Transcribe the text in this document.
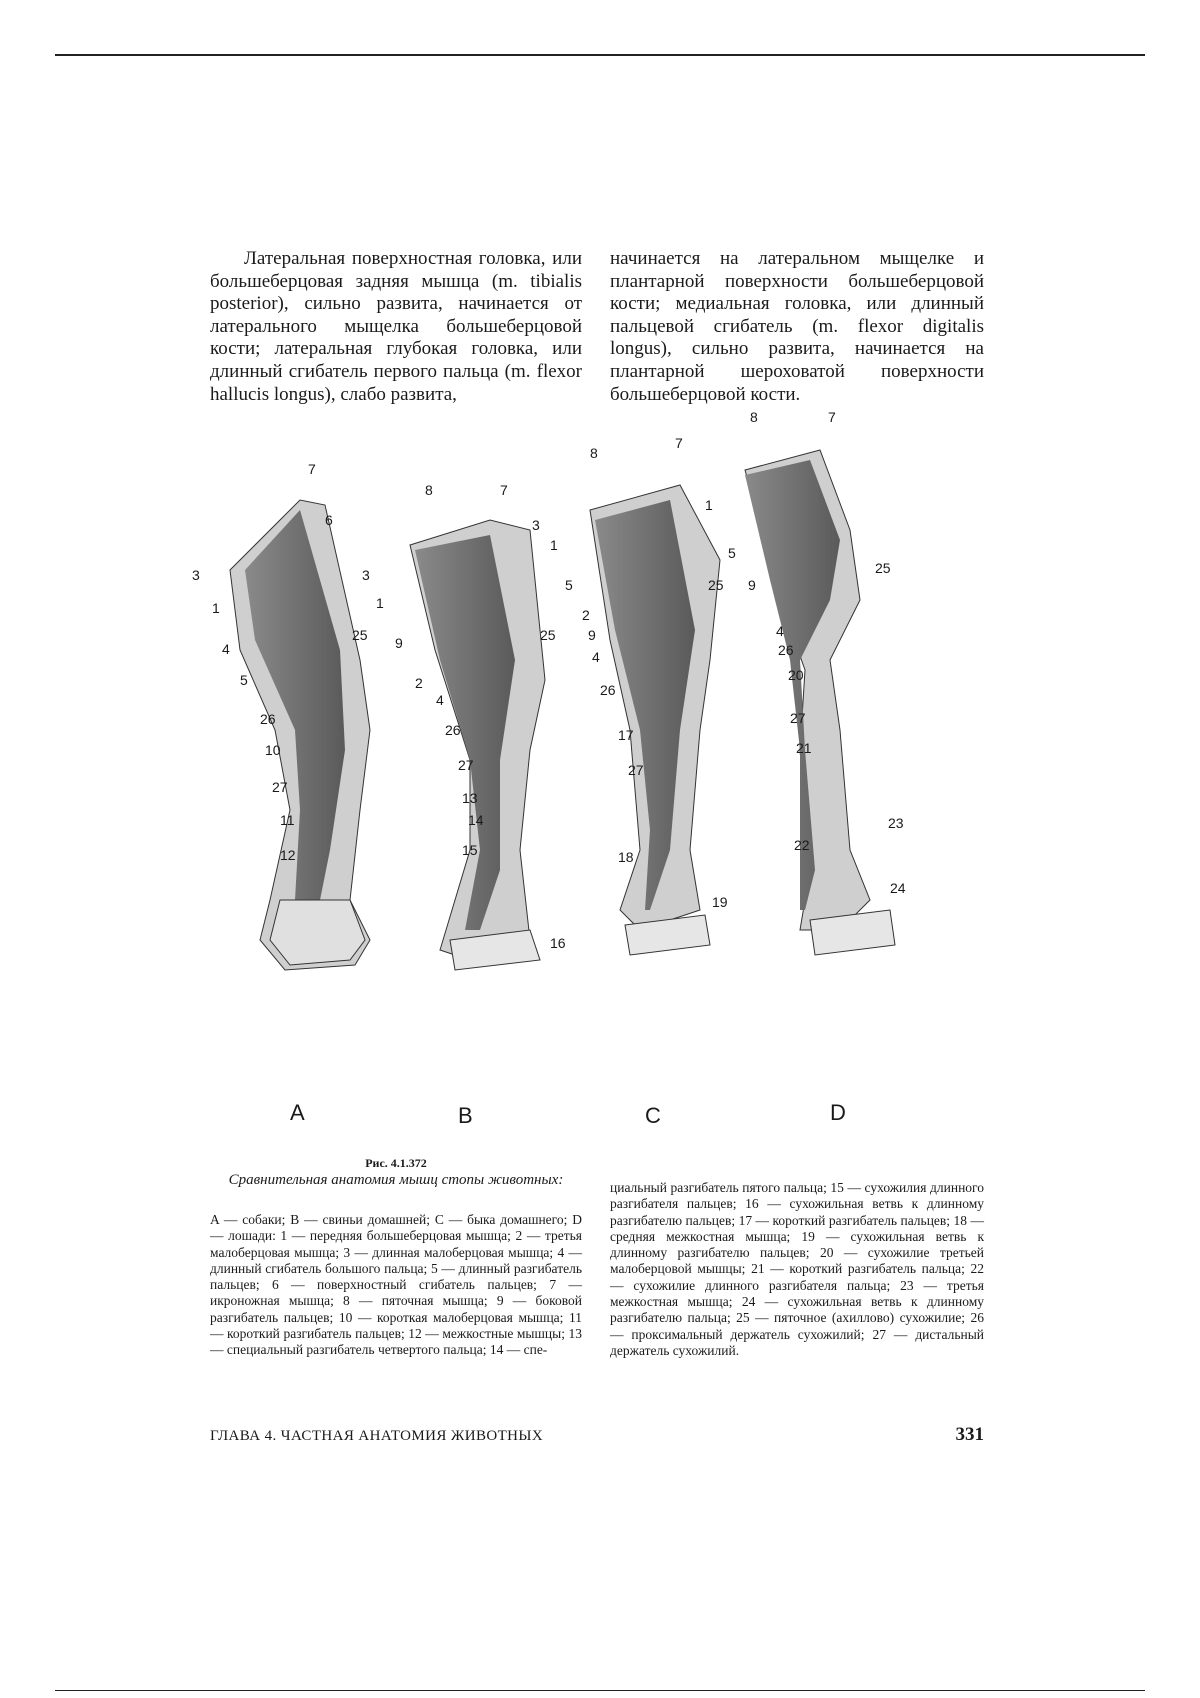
Латеральная поверхностная головка, или большеберцовая задняя мышца (m. tibialis posterior), сильно развита, начинается от латерального мыщелка большеберцовой кости; латеральная глубокая головка, или длинный сгибатель первого пальца (m. flexor hallucis longus), слабо развита,

начинается на латеральном мыщелке и плантарной поверхности большеберцовой кости; медиальная головка, или длинный пальцевой сгибатель (m. flexor digitalis longus), сильно развита, начинается на плантарной шероховатой поверхности большеберцовой кости.

7
6
3
1
4
25
5
26
10
27
11
12
8	7
3
1
9	25
2
4
26
27
13
14
15
16
8
7
3
1
5
2
25
9
4
26
17
27
18
19
8	7
1
5
9
25
4
26
20
27
21
23
22
24
A	B	C	D
Рис. 4.1.372
Сравнительная анатомия мышц стопы животных:
A — собаки; B — свиньи домашней; C — быка домашнего; D — лошади: 1 — передняя большеберцовая мышца; 2 — третья малоберцовая мышца; 3 — длинная малоберцовая мышца; 4 — длинный сгибатель большого пальца; 5 — длинный разгибатель пальцев; 6 — поверхностный сгибатель пальцев; 7 — икроножная мышца; 8 — пяточная мышца; 9 — боковой разгибатель пальцев; 10 — короткая малоберцовая мышца; 11 — короткий разгибатель пальцев; 12 — межкостные мышцы; 13 — специальный разгибатель четвертого пальца; 14 — спе-
циальный разгибатель пятого пальца; 15 — сухожилия длинного разгибателя пальцев; 16 — сухожильная ветвь к длинному разгибателю пальцев; 17 — короткий разгибатель пальцев; 18 — средняя межкостная мышца; 19 — сухожильная ветвь к длинному разгибателю пальцев; 20 — сухожилие третьей малоберцовой мышцы; 21 — короткий разгибатель пальца; 22 — сухожилие длинного разгибателя пальца; 23 — третья межкостная мышца; 24 — сухожильная ветвь к длинному разгибателю пальца; 25 — пяточное (ахиллово) сухожилие; 26 — проксимальный держатель сухожилий; 27 — дистальный держатель сухожилий.
ГЛАВА 4. ЧАСТНАЯ АНАТОМИЯ ЖИВОТНЫХ	331
